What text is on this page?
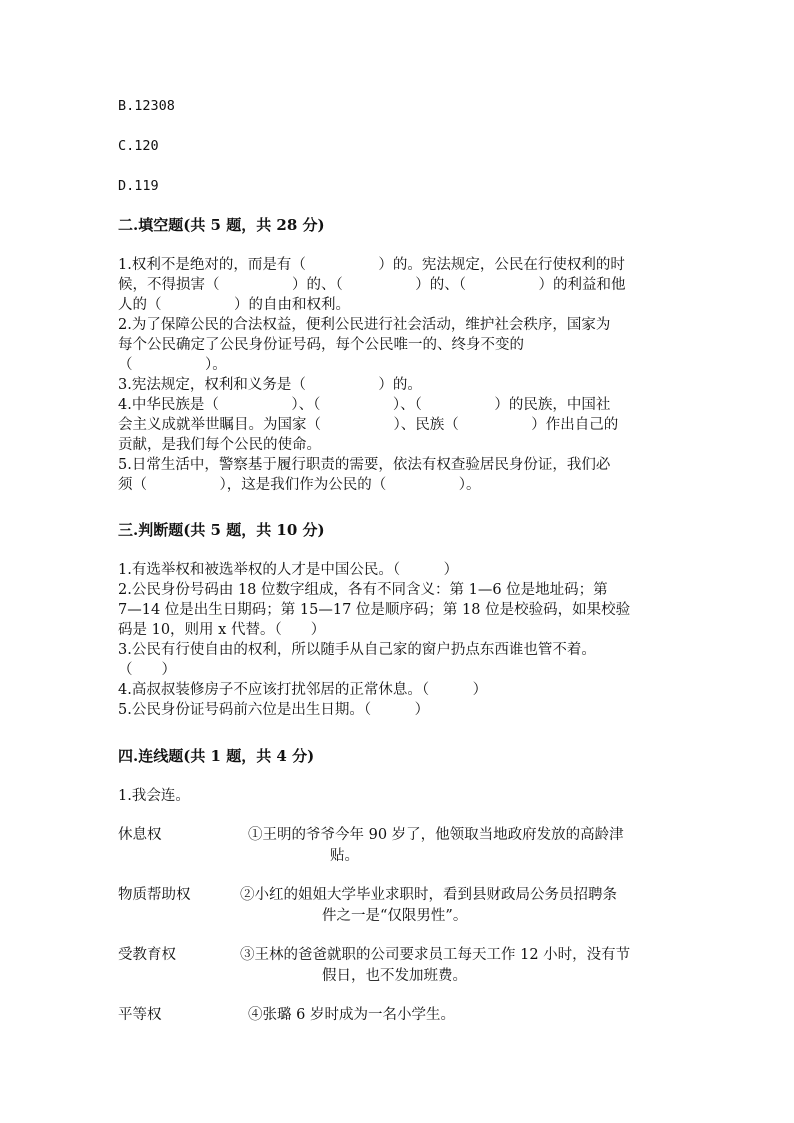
B.12308
C.120
D.119
二.填空题(共 5 题，共 28 分)
1.权利不是绝对的，而是有（　　　　　）的。宪法规定，公民在行使权利的时
候，不得损害（　　　　　）的、（　　　　　）的、（　　　　　）的利益和他
人的（　　　　　）的自由和权利。
2.为了保障公民的合法权益，便利公民进行社会活动，维护社会秩序，国家为
每个公民确定了公民身份证号码，每个公民唯一的、终身不变的
（　　　　　）。
3.宪法规定，权利和义务是（　　　　　）的。
4.中华民族是（　　　　　）、（　　　　　）、（　　　　　）的民族，中国社
会主义成就举世瞩目。为国家（　　　　　）、民族（　　　　　）作出自己的
贡献，是我们每个公民的使命。
5.日常生活中，警察基于履行职责的需要，依法有权查验居民身份证，我们必
须（　　　　　），这是我们作为公民的（　　　　　）。
三.判断题(共 5 题，共 10 分)
1.有选举权和被选举权的人才是中国公民。（　　　）
2.公民身份号码由 18 位数字组成，各有不同含义：第 1—6 位是地址码；第
7—14 位是出生日期码；第 15—17 位是顺序码；第 18 位是校验码，如果校验
码是 10，则用 x 代替。（　　）
3.公民有行使自由的权利，所以随手从自己家的窗户扔点东西谁也管不着。
（　　）
4.高叔叔装修房子不应该打扰邻居的正常休息。（　　　）
5.公民身份证号码前六位是出生日期。（　　　）
四.连线题(共 1 题，共 4 分)
1.我会连。
休息权	①王明的爷爷今年 90 岁了，他领取当地政府发放的高龄津
贴。
物质帮助权	②小红的姐姐大学毕业求职时，看到县财政局公务员招聘条
件之一是“仅限男性”。
受教育权	③王林的爸爸就职的公司要求员工每天工作 12 小时，没有节
假日，也不发加班费。
平等权	④张璐 6 岁时成为一名小学生。
